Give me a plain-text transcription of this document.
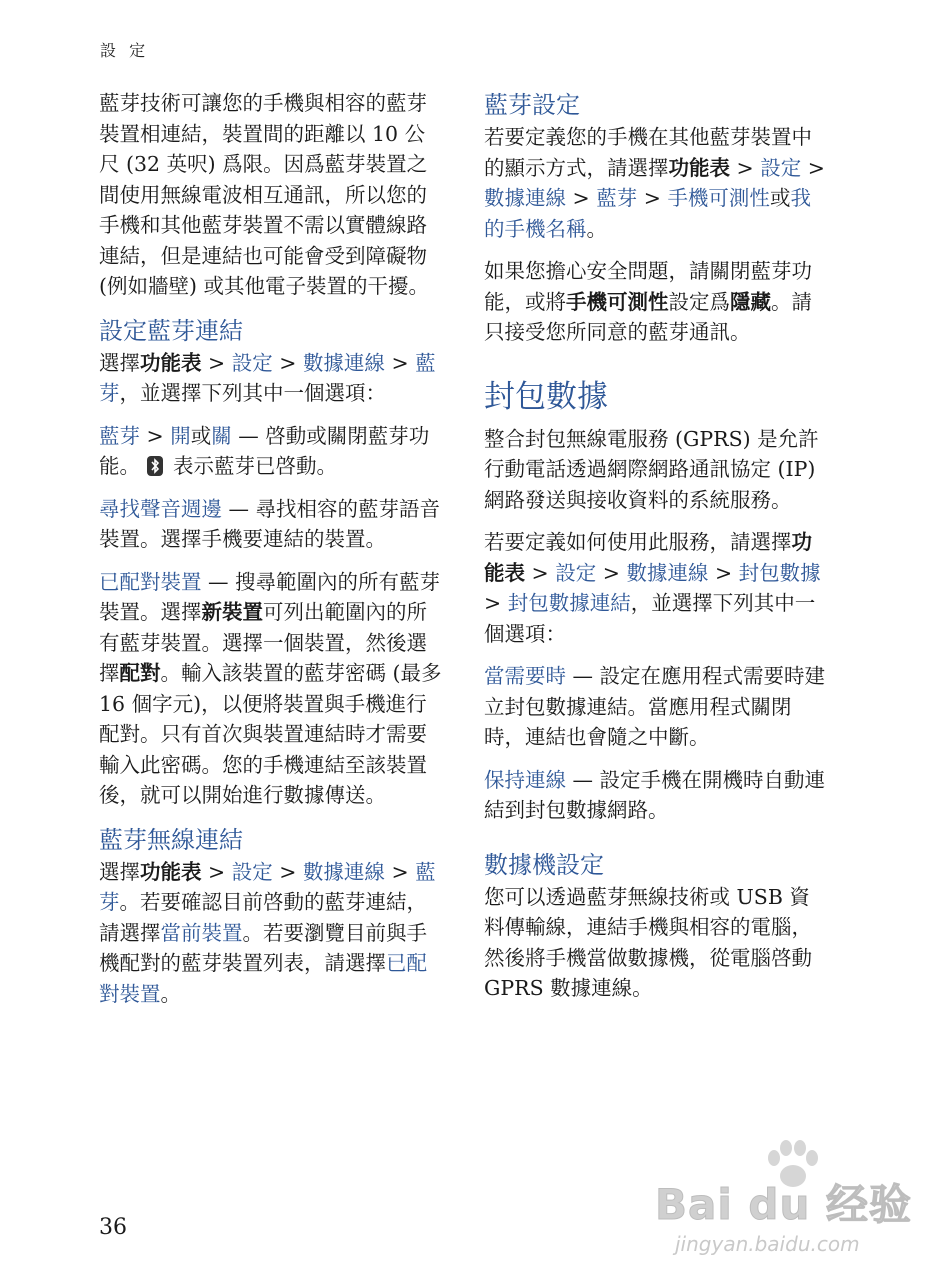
設 定

藍芽技術可讓您的手機與相容的藍芽裝置相連結，裝置間的距離以 10 公尺 (32 英呎) 爲限。因爲藍芽裝置之間使用無線電波相互通訊，所以您的手機和其他藍芽裝置不需以實體線路連結，但是連結也可能會受到障礙物 (例如牆壁) 或其他電子裝置的干擾。

設定藍芽連結

選擇功能表 > 設定 > 數據連線 > 藍芽，並選擇下列其中一個選項：

藍芽 > 開或關 — 啓動或關閉藍芽功能。
表示藍芽已啓動。

尋找聲音週邊 — 尋找相容的藍芽語音裝置。選擇手機要連結的裝置。

已配對裝置 — 搜尋範圍內的所有藍芽裝置。選擇新裝置可列出範圍內的所有藍芽裝置。選擇一個裝置，然後選擇配對。輸入該裝置的藍芽密碼 (最多 16 個字元)，以便將裝置與手機進行配對。只有首次與裝置連結時才需要輸入此密碼。您的手機連結至該裝置後，就可以開始進行數據傳送。

藍芽無線連結

選擇功能表 > 設定 > 數據連線 > 藍芽。若要確認目前啓動的藍芽連結，請選擇當前裝置。若要瀏覽目前與手機配對的藍芽裝置列表，請選擇已配對裝置。

藍芽設定

若要定義您的手機在其他藍芽裝置中的顯示方式，請選擇功能表 > 設定 > 數據連線 > 藍芽 > 手機可測性或我的手機名稱。

如果您擔心安全問題，請關閉藍芽功能，或將手機可測性設定爲隱藏。請只接受您所同意的藍芽通訊。

封包數據

整合封包無線電服務 (GPRS) 是允許行動電話透過網際網路通訊協定 (IP) 網路發送與接收資料的系統服務。

若要定義如何使用此服務，請選擇功能表 > 設定 > 數據連線 > 封包數據 > 封包數據連結，並選擇下列其中一個選項：

當需要時 — 設定在應用程式需要時建立封包數據連結。當應用程式關閉時，連結也會隨之中斷。

保持連線 — 設定手機在開機時自動連結到封包數據網路。

數據機設定

您可以透過藍芽無線技術或 USB 資料傳輸線，連結手機與相容的電腦，然後將手機當做數據機，從電腦啓動 GPRS 數據連線。

36	Bai du 经验
jingyan.baidu.com
